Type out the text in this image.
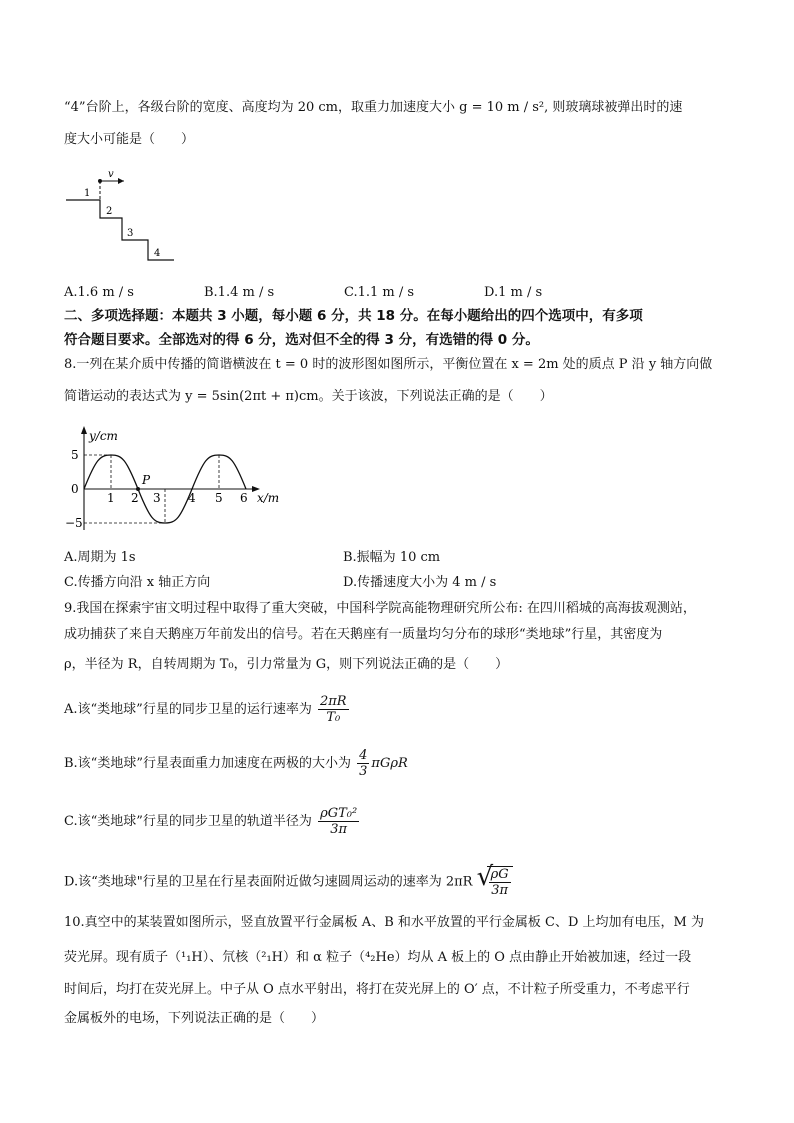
“4”台阶上，各级台阶的宽度、高度均为 20 cm，取重力加速度大小 g = 10 m / s², 则玻璃球被弹出时的速
度大小可能是（　　）
v
1
2
3
4
A.1.6 m / s	B.1.4 m / s	C.1.1 m / s	D.1 m / s
二、多项选择题：本题共 3 小题，每小题 6 分，共 18 分。在每小题给出的四个选项中，有多项
符合题目要求。全部选对的得 6 分，选对但不全的得 3 分，有选错的得 0 分。
8.一列在某介质中传播的简谐横波在 t = 0 时的波形图如图所示，平衡位置在 x = 2m 处的质点 P 沿 y 轴方向做
简谐运动的表达式为 y = 5sin(2πt + π)cm。关于该波，下列说法正确的是（　　）
y/cm
x/m
5
0
−5
1 2 3 4 5 6
P
A.周期为 1s	B.振幅为 10 cm
C.传播方向沿 x 轴正方向	D.传播速度大小为 4 m / s
9.我国在探索宇宙文明过程中取得了重大突破，中国科学院高能物理研究所公布: 在四川稻城的高海拔观测站，
成功捕获了来自天鹅座万年前发出的信号。若在天鹅座有一质量均匀分布的球形“类地球”行星，其密度为
ρ，半径为 R，自转周期为 T₀，引力常量为 G，则下列说法正确的是（　　）
A.该“类地球”行星的同步卫星的运行速率为 $\frac{2\pi R}{\text{T₀}}$
B.该“类地球”行星表面重力加速度在两极的大小为 $\frac{4}{3}$ πGρR
C.该“类地球”行星的同步卫星的轨道半径为 $\frac{\text{ρGT₀²}}{3\pi}$
D.该“类地球"行星的卫星在行星表面附近做匀速圆周运动的速率为 2πR √
$\frac{\rho G}{3\pi}$
10.真空中的某装置如图所示，竖直放置平行金属板 A、B 和水平放置的平行金属板 C、D 上均加有电压，M 为
荧光屏。现有质子（¹₁H）、氘核（²₁H）和 α 粒子（⁴₂He）均从 A 板上的 O 点由静止开始被加速，经过一段
时间后，均打在荧光屏上。中子从 O 点水平射出，将打在荧光屏上的 O′ 点，不计粒子所受重力，不考虑平行
金属板外的电场，下列说法正确的是（　　）
